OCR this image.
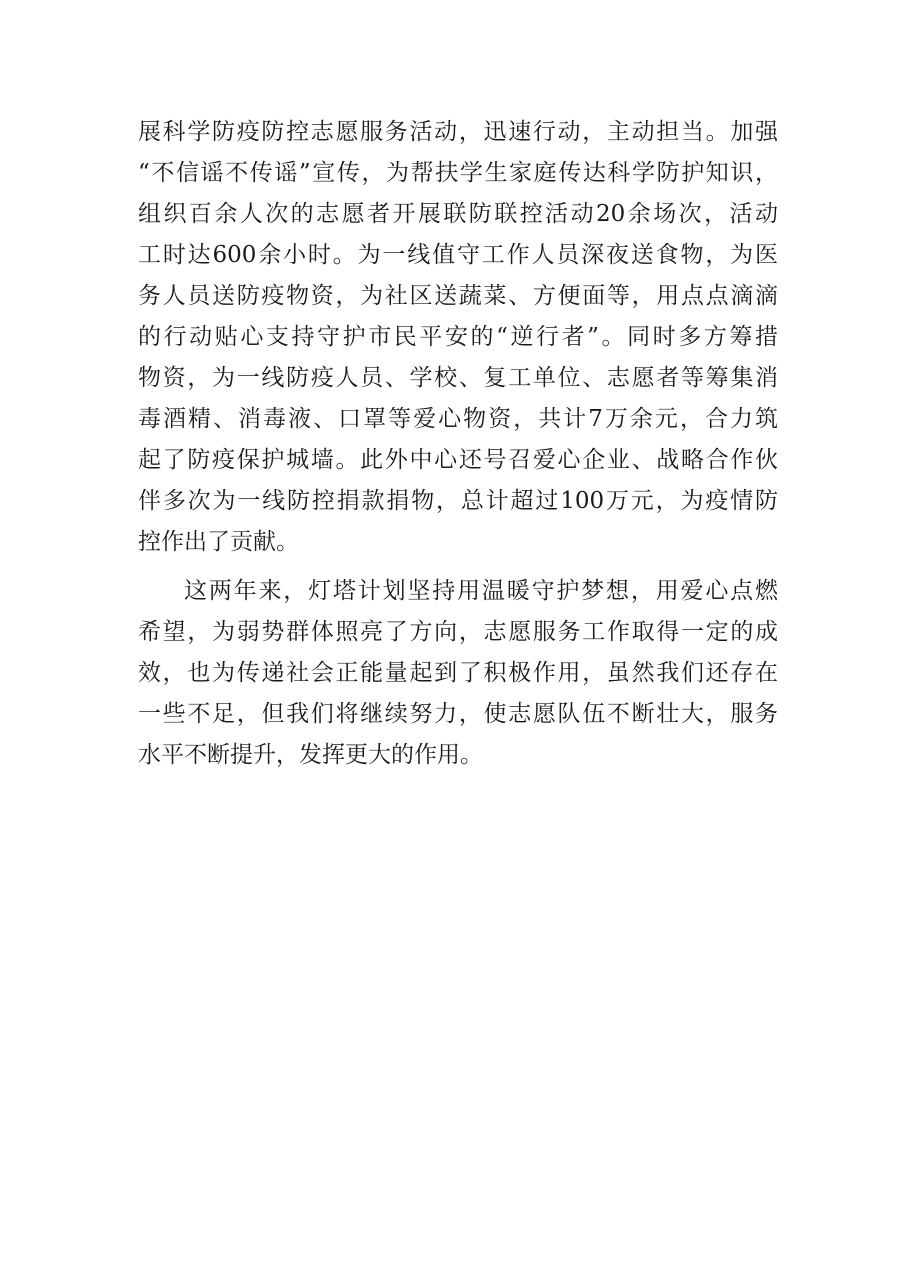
展科学防疫防控志愿服务活动，迅速行动，主动担当。加强
“不信谣不传谣”宣传，为帮扶学生家庭传达科学防护知识，
组织百余人次的志愿者开展联防联控活动20余场次，活动
工时达600余小时。为一线值守工作人员深夜送食物，为医
务人员送防疫物资，为社区送蔬菜、方便面等，用点点滴滴
的行动贴心支持守护市民平安的“逆行者”。同时多方筹措
物资，为一线防疫人员、学校、复工单位、志愿者等筹集消
毒酒精、消毒液、口罩等爱心物资，共计7万余元，合力筑
起了防疫保护城墙。此外中心还号召爱心企业、战略合作伙
伴多次为一线防控捐款捐物，总计超过100万元，为疫情防
控作出了贡献。
这两年来，灯塔计划坚持用温暖守护梦想，用爱心点燃
希望，为弱势群体照亮了方向，志愿服务工作取得一定的成
效，也为传递社会正能量起到了积极作用，虽然我们还存在
一些不足，但我们将继续努力，使志愿队伍不断壮大，服务
水平不断提升，发挥更大的作用。
